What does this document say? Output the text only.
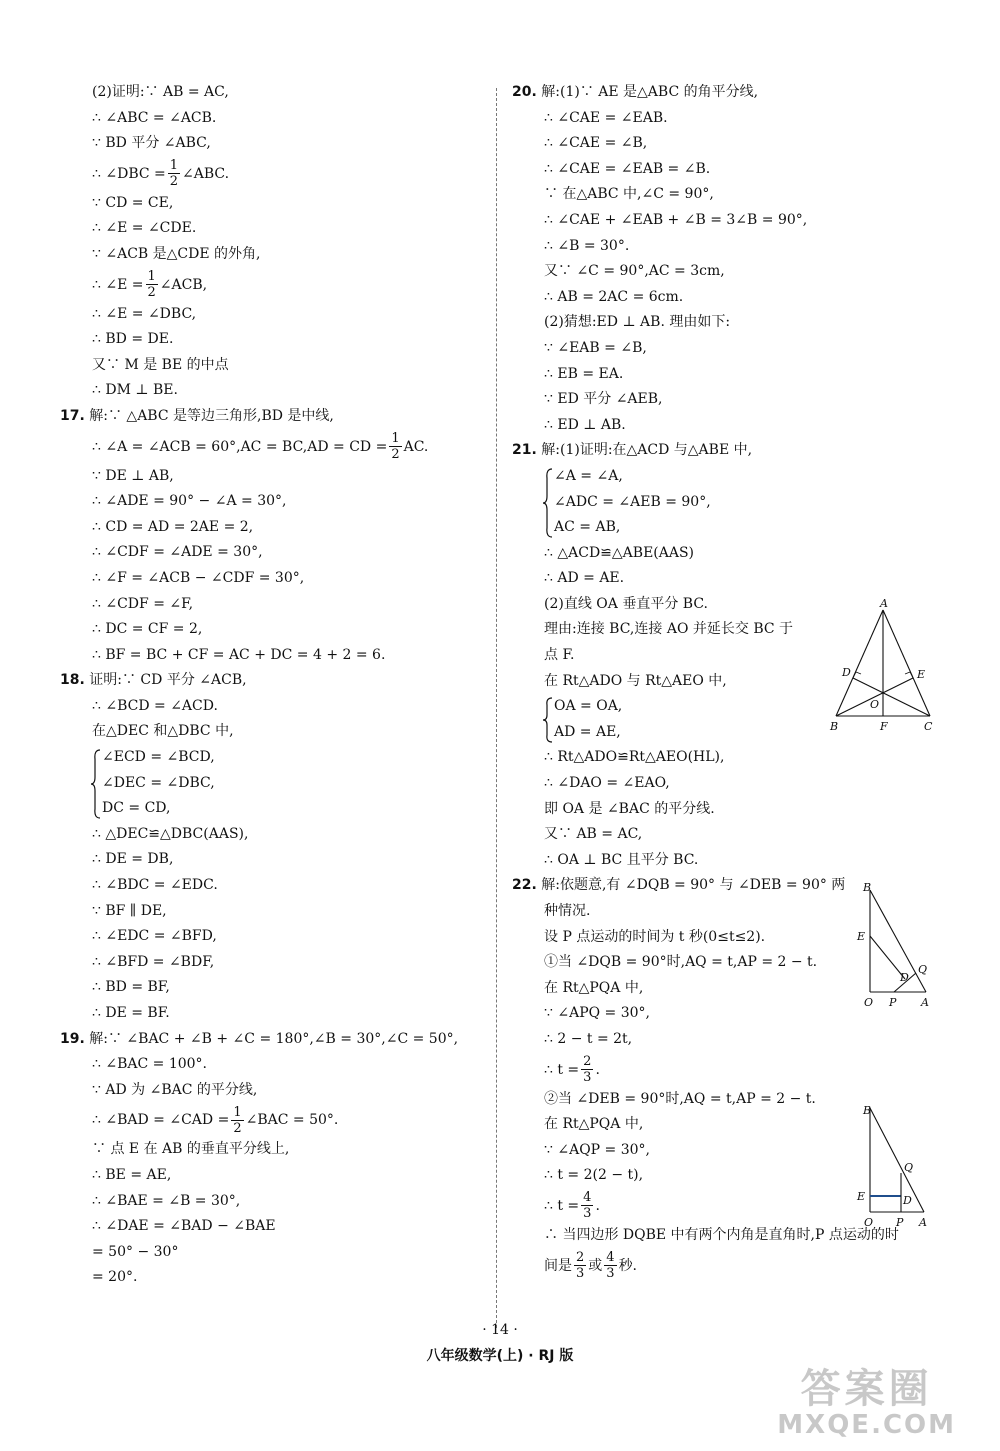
(2)证明:∵ AB = AC,
∴ ∠ABC = ∠ACB.
∵ BD 平分 ∠ABC,
∴ ∠DBC = $\frac{1}{2}$ ∠ABC.
∵ CD = CE,
∴ ∠E = ∠CDE.
∵ ∠ACB 是△CDE 的外角,
∴ ∠E = $\frac{1}{2}$ ∠ACB,
∴ ∠E = ∠DBC,
∴ BD = DE.
又∵ M 是 BE 的中点
∴ DM ⊥ BE.
17. 解:∵ △ABC 是等边三角形,BD 是中线,
∴ ∠A = ∠ACB = 60°,AC = BC,AD = CD = $\frac{1}{2}$ AC.
∵ DE ⊥ AB,
∴ ∠ADE = 90° − ∠A = 30°,
∴ CD = AD = 2AE = 2,
∴ ∠CDF = ∠ADE = 30°,
∴ ∠F = ∠ACB − ∠CDF = 30°,
∴ ∠CDF = ∠F,
∴ DC = CF = 2,
∴ BF = BC + CF = AC + DC = 4 + 2 = 6.
18. 证明:∵ CD 平分 ∠ACB,
∴ ∠BCD = ∠ACD.
在△DEC 和△DBC 中,
∠ECD = ∠BCD,
∠DEC = ∠DBC,
DC = CD,
∴ △DEC≌△DBC(AAS),
∴ DE = DB,
∴ ∠BDC = ∠EDC.
∵ BF ∥ DE,
∴ ∠EDC = ∠BFD,
∴ ∠BFD = ∠BDF,
∴ BD = BF,
∴ DE = BF.
19. 解:∵ ∠BAC + ∠B + ∠C = 180°,∠B = 30°,∠C = 50°,
∴ ∠BAC = 100°.
∵ AD 为 ∠BAC 的平分线,
∴ ∠BAD = ∠CAD = $\frac{1}{2}$ ∠BAC = 50°.
∵ 点 E 在 AB 的垂直平分线上,
∴ BE = AE,
∴ ∠BAE = ∠B = 30°,
∴ ∠DAE = ∠BAD − ∠BAE
= 50° − 30°
= 20°.
20. 解:(1)∵ AE 是△ABC 的角平分线,
∴ ∠CAE = ∠EAB.
∴ ∠CAE = ∠B,
∴ ∠CAE = ∠EAB = ∠B.
∵ 在△ABC 中,∠C = 90°,
∴ ∠CAE + ∠EAB + ∠B = 3∠B = 90°,
∴ ∠B = 30°.
又∵ ∠C = 90°,AC = 3cm,
∴ AB = 2AC = 6cm.
(2)猜想:ED ⊥ AB. 理由如下:
∵ ∠EAB = ∠B,
∴ EB = EA.
∵ ED 平分 ∠AEB,
∴ ED ⊥ AB.
21. 解:(1)证明:在△ACD 与△ABE 中,
∠A = ∠A,
∠ADC = ∠AEB = 90°,
AC = AB,
∴ △ACD≌△ABE(AAS)
∴ AD = AE.
(2)直线 OA 垂直平分 BC.
理由:连接 BC,连接 AO 并延长交 BC 于
点 F.
在 Rt△ADO 与 Rt△AEO 中,
OA = OA,
AD = AE,
∴ Rt△ADO≌Rt△AEO(HL),
∴ ∠DAO = ∠EAO,
即 OA 是 ∠BAC 的平分线.
又∵ AB = AC,
∴ OA ⊥ BC 且平分 BC.
22. 解:依题意,有 ∠DQB = 90° 与 ∠DEB = 90° 两
种情况.
设 P 点运动的时间为 t 秒(0≤t≤2).
①当 ∠DQB = 90°时,AQ = t,AP = 2 − t.
在 Rt△PQA 中,
∵ ∠APQ = 30°,
∴ 2 − t = 2t,
∴ $t = \frac{2}{3}$ .
②当 ∠DEB = 90°时,AQ = t,AP = 2 − t.
在 Rt△PQA 中,
∵ ∠AQP = 30°,
∴ t = 2(2 − t),
∴ $t = \frac{4}{3}$ .
∴ 当四边形 DQBE 中有两个内角是直角时,P 点运动的时
间是 $\frac{2}{3}$ 或 $\frac{4}{3}$ 秒.
A
D	E
O
B	F	C
B
E
D
Q
O P A
B
Q
E	D
O P A
· 14 ·
八年级数学(上) · RJ 版
答案圈
MXQE.COM
